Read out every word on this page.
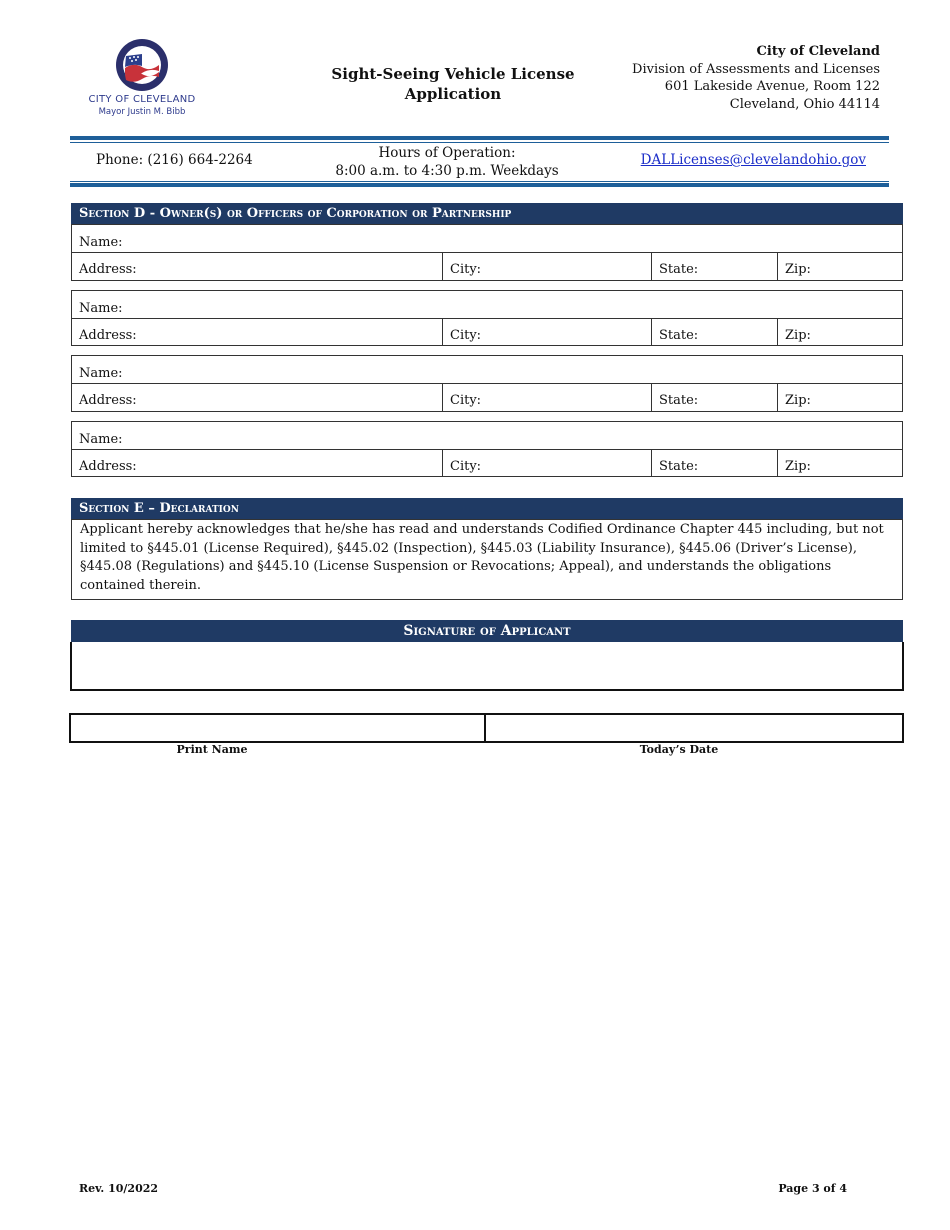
CITY OF CLEVELAND
Mayor Justin M. Bibb
Sight-Seeing Vehicle License
Application
City of Cleveland
Division of Assessments and Licenses
601 Lakeside Avenue, Room 122
Cleveland, Ohio 44114
Phone: (216) 664-2264	Hours of Operation:
8:00 a.m. to 4:30 p.m. Weekdays
DALLicenses@clevelandohio.gov
Section D - Owner(s) or Officers of Corporation or Partnership
Name:
Address:	City:	State:	Zip:
Name:
Address:	City:	State:	Zip:
Name:
Address:	City:	State:	Zip:
Name:
Address:	City:	State:	Zip:
Section E – Declaration
Applicant hereby acknowledges that he/she has read and understands Codified Ordinance Chapter 445 including, but not limited to §445.01 (License Required), §445.02 (Inspection), §445.03 (Liability Insurance), §445.06 (Driver’s License), §445.08 (Regulations) and §445.10 (License Suspension or Revocations; Appeal), and understands the obligations contained therein.
Signature of Applicant
Print Name	Today’s Date
Rev. 10/2022	Page 3 of 4
